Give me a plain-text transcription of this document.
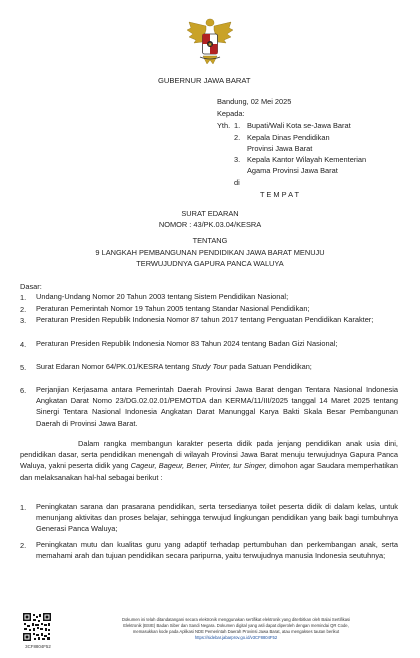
GUBERNUR JAWA BARAT
Bandung, 02 Mei 2025
Kepada:
Yth. 1. Bupati/Wali Kota se-Jawa Barat
2. Kepala Dinas Pendidikan
Provinsi Jawa Barat
3. Kepala Kantor Wilayah Kementerian
Agama Provinsi Jawa Barat
di
T E M P A T
SURAT EDARAN
NOMOR : 43/PK.03.04/KESRA
TENTANG
9 LANGKAH PEMBANGUNAN PENDIDIKAN JAWA BARAT MENUJU
TERWUJUDNYA GAPURA PANCA WALUYA
Dasar:
1. Undang-Undang Nomor 20 Tahun 2003 tentang Sistem Pendidikan Nasional;
2. Peraturan Pemerintah Nomor 19 Tahun 2005 tentang Standar Nasional Pendidikan;
3. Peraturan Presiden Republik Indonesia Nomor 87 tahun 2017 tentang Penguatan Pendidikan Karakter;
4. Peraturan Presiden Republik Indonesia Nomor 83 Tahun 2024 tentang Badan Gizi Nasional;
5. Surat Edaran Nomor 64/PK.01/KESRA tentang Study Tour pada Satuan Pendidikan;
6. Perjanjian Kerjasama antara Pemerintah Daerah Provinsi Jawa Barat dengan Tentara Nasional Indonesia Angkatan Darat Nomo 23/DG.02.02.01/PEMOTDA dan KERMA/11/III/2025 tanggal 14 Maret 2025 tentang Sinergi Tentara Nasional Indonesia Angkatan Darat Manunggal Karya Bakti Skala Besar Pembangunan Daerah di Provinsi Jawa Barat.
Dalam rangka membangun karakter peserta didik pada jenjang pendidikan anak usia dini, pendidikan dasar, serta pendidikan menengah di wilayah Provinsi Jawa Barat menuju terwujudnya Gapura Panca Waluya, yakni peserta didik yang Cageur, Bageur, Bener, Pinter, tur Singer, dimohon agar Saudara memperhatikan dan melaksanakan hal-hal sebagai berikut :
1. Peningkatan sarana dan prasarana pendidikan, serta tersedianya toilet peserta didik di dalam kelas, untuk menunjang aktivitas dan proses belajar, sehingga terwujud lingkungan pendidikan yang baik bagi tumbuhnya Generasi Panca Waluya;
2. Peningkatan mutu dan kualitas guru yang adaptif terhadap pertumbuhan dan perkembangan anak, serta memahami arah dan tujuan pendidikan secara paripurna, yaitu terwujudnya manusia Indonesia seutuhnya;
3CF8804F52
Dokumen ini telah ditandatangani secara elektronik menggunakan sertifikat elektronik yang diterbitkan oleh Balai Sertifikasi
Elektronik (BSrE) Badan Siber dan Sandi Negara. Dokumen digital yang asli dapat diperoleh dengan memindai QR Code,
memasukkan kode pada Aplikasi NDE Pemerintah Daerah Provinsi Jawa Barat, atau mengakses tautan berikut
https://sidebar.jabarprov.go.id/v3CF8804F52
